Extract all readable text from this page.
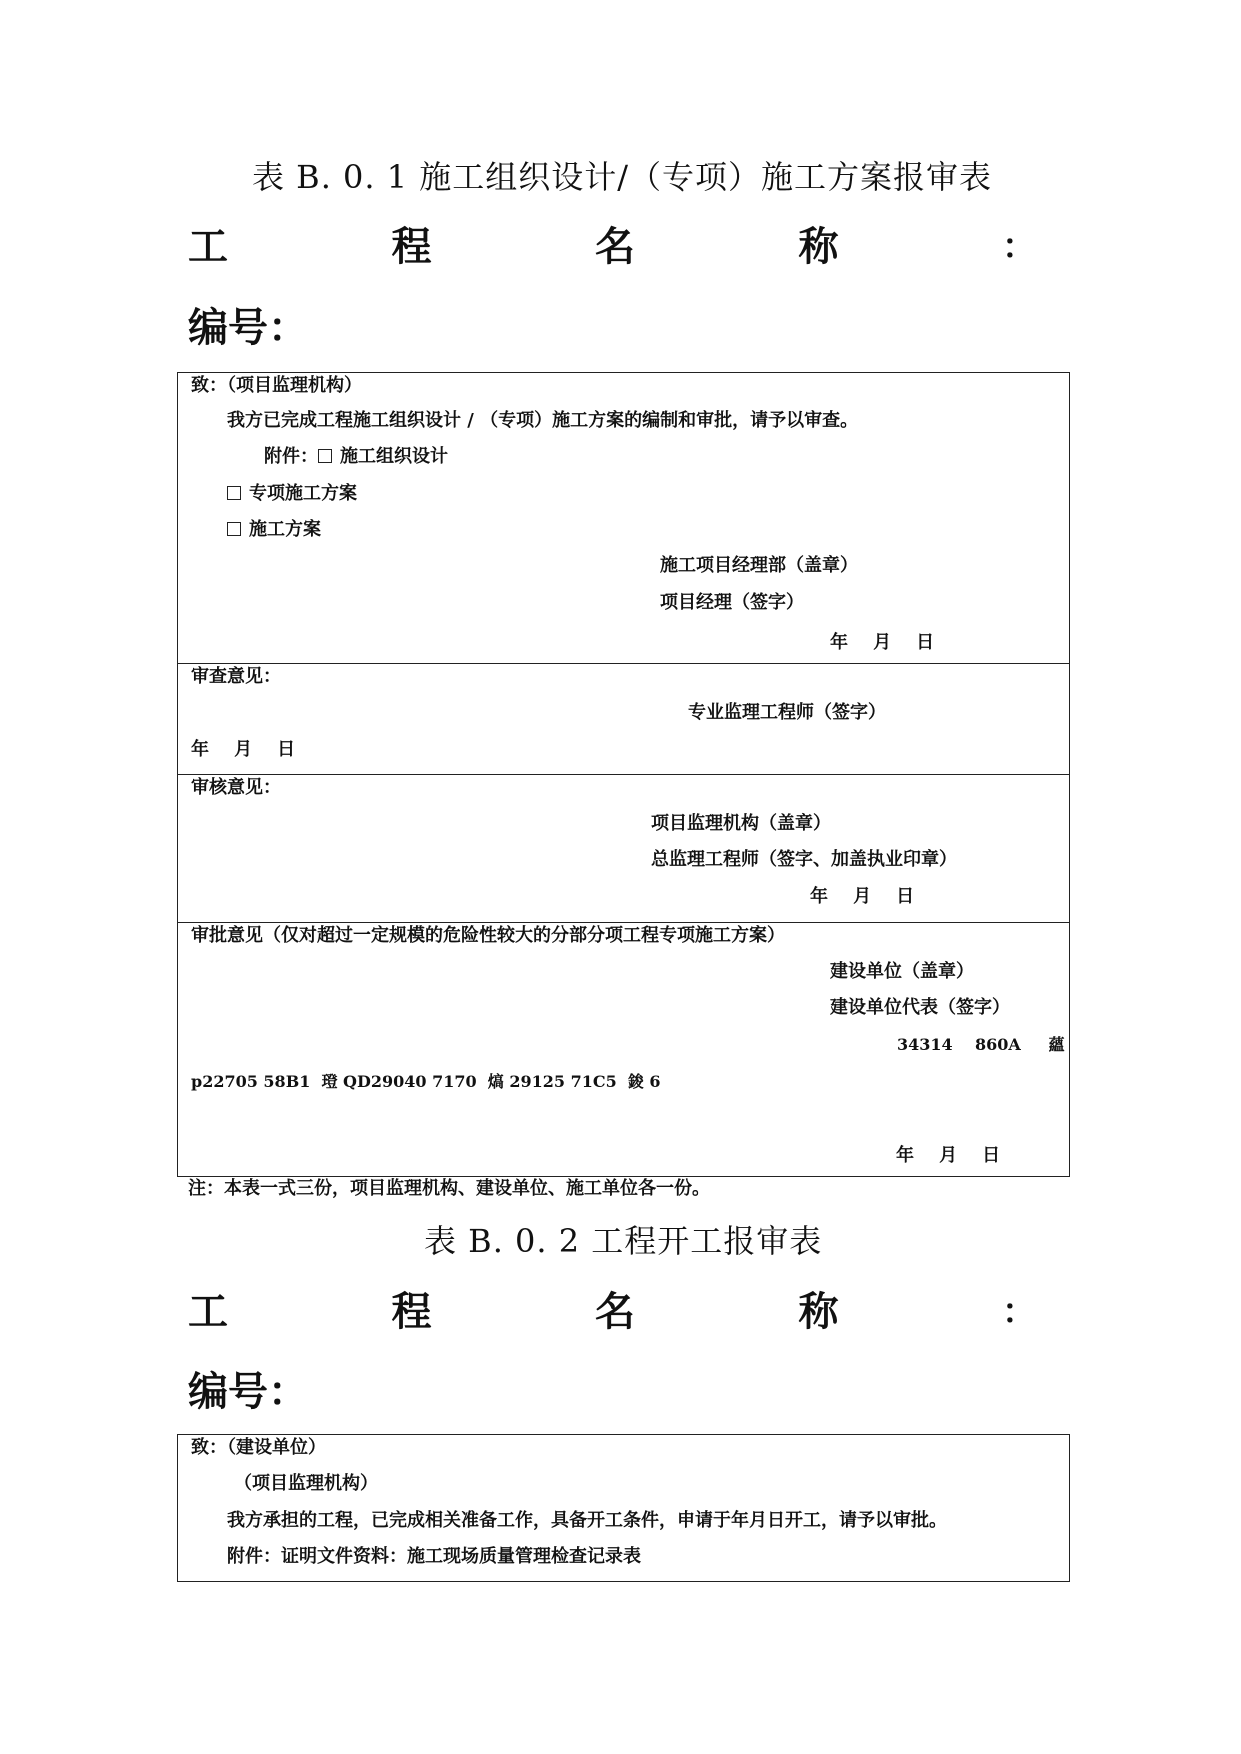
表 B. 0. 1 施工组织设计/（专项）施工方案报审表
工	程	名	称	：
编号：
致：（项目监理机构）
我方已完成工程施工组织设计 / （专项）施工方案的编制和审批，请予以审查。
附件： 施工组织设计
专项施工方案
施工方案
施工项目经理部（盖章）
项目经理（签字）
年    月    日

审查意见：
专业监理工程师（签字）
年    月    日

审核意见：
项目监理机构（盖章）
总监理工程师（签字、加盖执业印章）
年    月    日

审批意见（仅对超过一定规模的危险性较大的分部分项工程专项施工方案）
建设单位（盖章）
建设单位代表（签字）
34314    860A     蘊
p22705 58B1  璒 QD29040 7170  熇 29125 71C5  鋑 6
年    月    日
注：本表一式三份，项目监理机构、建设单位、施工单位各一份。
表 B. 0. 2 工程开工报审表
工	程	名	称	：
编号：
致：（建设单位）
（项目监理机构）
我方承担的工程，已完成相关准备工作，具备开工条件，申请于年月日开工，请予以审批。
附件：证明文件资料：施工现场质量管理检查记录表
